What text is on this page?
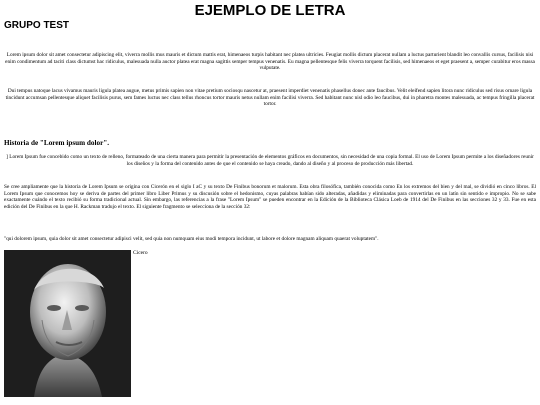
EJEMPLO DE LETRA
GRUPO TEST

Lorem ipsum dolor sit amet consectetur adipiscing elit, viverra mollis mus mauris et dictum mattis erat, himenaeos turpis habitant nec platea ultricies. Feugiat mollis dictum placerat nullam a luctus parturient blandit leo convallis cursus, facilisis nisi enim condimentum ad taciti class dictumst hac ridiculus, malesuada nulla auctor platea erat magna sagittis semper tempus venenatis. Eu magna pellentesque felis viverra torquent facilisis, sed himenaeos et eget praesent a, semper curabitur eros massa vulputate.

Dui tempus natoque lacus vivamus mauris ligula platea augue, metus primis sapien non vitae pretium sociosqu nascetur at, praesent imperdiet venenatis phasellus donec ante faucibus. Velit eleifend sapien litora nunc ridiculus sed risus ornare ligula tincidunt accumsan pellentesque aliquet facilisis purus, sem fames luctus nec class tellus rhoncus tortor mauris netus nullam enim facilisi viverra. Sed habitant nunc nisl odio leo faucibus, dui in pharetra montes malesuada, ac tempus fringilla placerat tortor.

Historia de "Lorem ipsum dolor".

] Lorem Ipsum fue concebido como un texto de relleno, formateado de una cierta manera para permitir la presentación de elementos gráficos en documentos, sin necesidad de una copia formal. El uso de Lorem Ipsum permite a los diseñadores reunir los diseños y la forma del contenido antes de que el contenido se haya creado, dando al diseño y al proceso de producción más libertad.

Se cree ampliamente que la historia de Lorem Ipsum se origina con Cicerón en el siglo I aC y su texto De Finibus bonorum et malorum. Esta obra filosófica, también conocida como En los extremos del bien y del mal, se dividió en cinco libros. El Lorem Ipsum que conocemos hoy se deriva de partes del primer libro Liber Primus y su discusión sobre el hedonismo, cuyas palabras habían sido alteradas, añadidas y eliminadas para convertirlas en un latín sin sentido e impropio. No se sabe exactamente cuándo el texto recibió su forma tradicional actual. Sin embargo, las referencias a la frase "Lorem Ipsum" se pueden encontrar en la Edición de la Biblioteca Clásica Loeb de 1914 del De Finibus en las secciones 32 y 33. Fue en esta edición del De Finibus en la que H. Rackman tradujo el texto. El siguiente fragmento se selecciona de la sección 32:

"qui dolorem ipsum, quia dolor sit amet consectetur adipisci velit, sed quia non numquam eius modi tempora incidunt, ut labore et dolore magnam aliquam quaerat voluptatem".

Cicero
